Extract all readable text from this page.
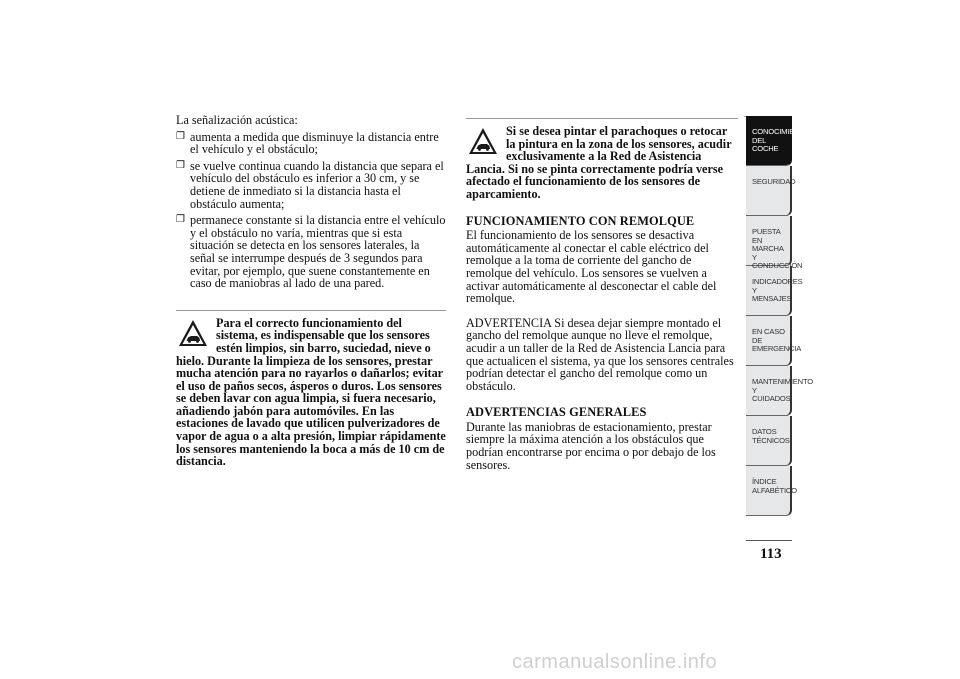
La señalización acústica:

❒ aumenta a medida que disminuye la distancia entre el vehículo y el obstáculo;
❒ se vuelve continua cuando la distancia que separa el vehículo del obstáculo es inferior a 30 cm, y se detiene de inmediato si la distancia hasta el obstáculo aumenta;
❒ permanece constante si la distancia entre el vehículo y el obstáculo no varía, mientras que si esta situación se detecta en los sensores laterales, la señal se interrumpe después de 3 segundos para evitar, por ejemplo, que suene constantemente en caso de maniobras al lado de una pared.

Para el correcto funcionamiento del sistema, es indispensable que los sensores estén limpios, sin barro, suciedad, nieve o hielo. Durante la limpieza de los sensores, prestar mucha atención para no rayarlos o dañarlos; evitar el uso de paños secos, ásperos o duros. Los sensores se deben lavar con agua limpia, si fuera necesario, añadiendo jabón para automóviles. En las estaciones de lavado que utilicen pulverizadores de vapor de agua o a alta presión, limpiar rápidamente los sensores manteniendo la boca a más de 10 cm de distancia.

Si se desea pintar el parachoques o retocar la pintura en la zona de los sensores, acudir exclusivamente a la Red de Asistencia Lancia. Si no se pinta correctamente podría verse afectado el funcionamiento de los sensores de aparcamiento.

FUNCIONAMIENTO CON REMOLQUE

El funcionamiento de los sensores se desactiva automáticamente al conectar el cable eléctrico del remolque a la toma de corriente del gancho de remolque del vehículo. Los sensores se vuelven a activar automáticamente al desconectar el cable del remolque.

ADVERTENCIA Si desea dejar siempre montado el gancho del remolque aunque no lleve el remolque, acudir a un taller de la Red de Asistencia Lancia para que actualicen el sistema, ya que los sensores centrales podrían detectar el gancho del remolque como un obstáculo.

ADVERTENCIAS GENERALES

Durante las maniobras de estacionamiento, prestar siempre la máxima atención a los obstáculos que podrían encontrarse por encima o por debajo de los sensores.

CONOCIMIENTO DEL COCHE
SEGURIDAD
PUESTA EN MARCHA Y CONDUCCIÓN
INDICADORES Y MENSAJES
EN CASO DE EMERGENCIA
MANTENIMIENTO Y CUIDADOS
DATOS TÉCNICOS
ÍNDICE ALFABÉTICO
113
carmanualsonline.info
